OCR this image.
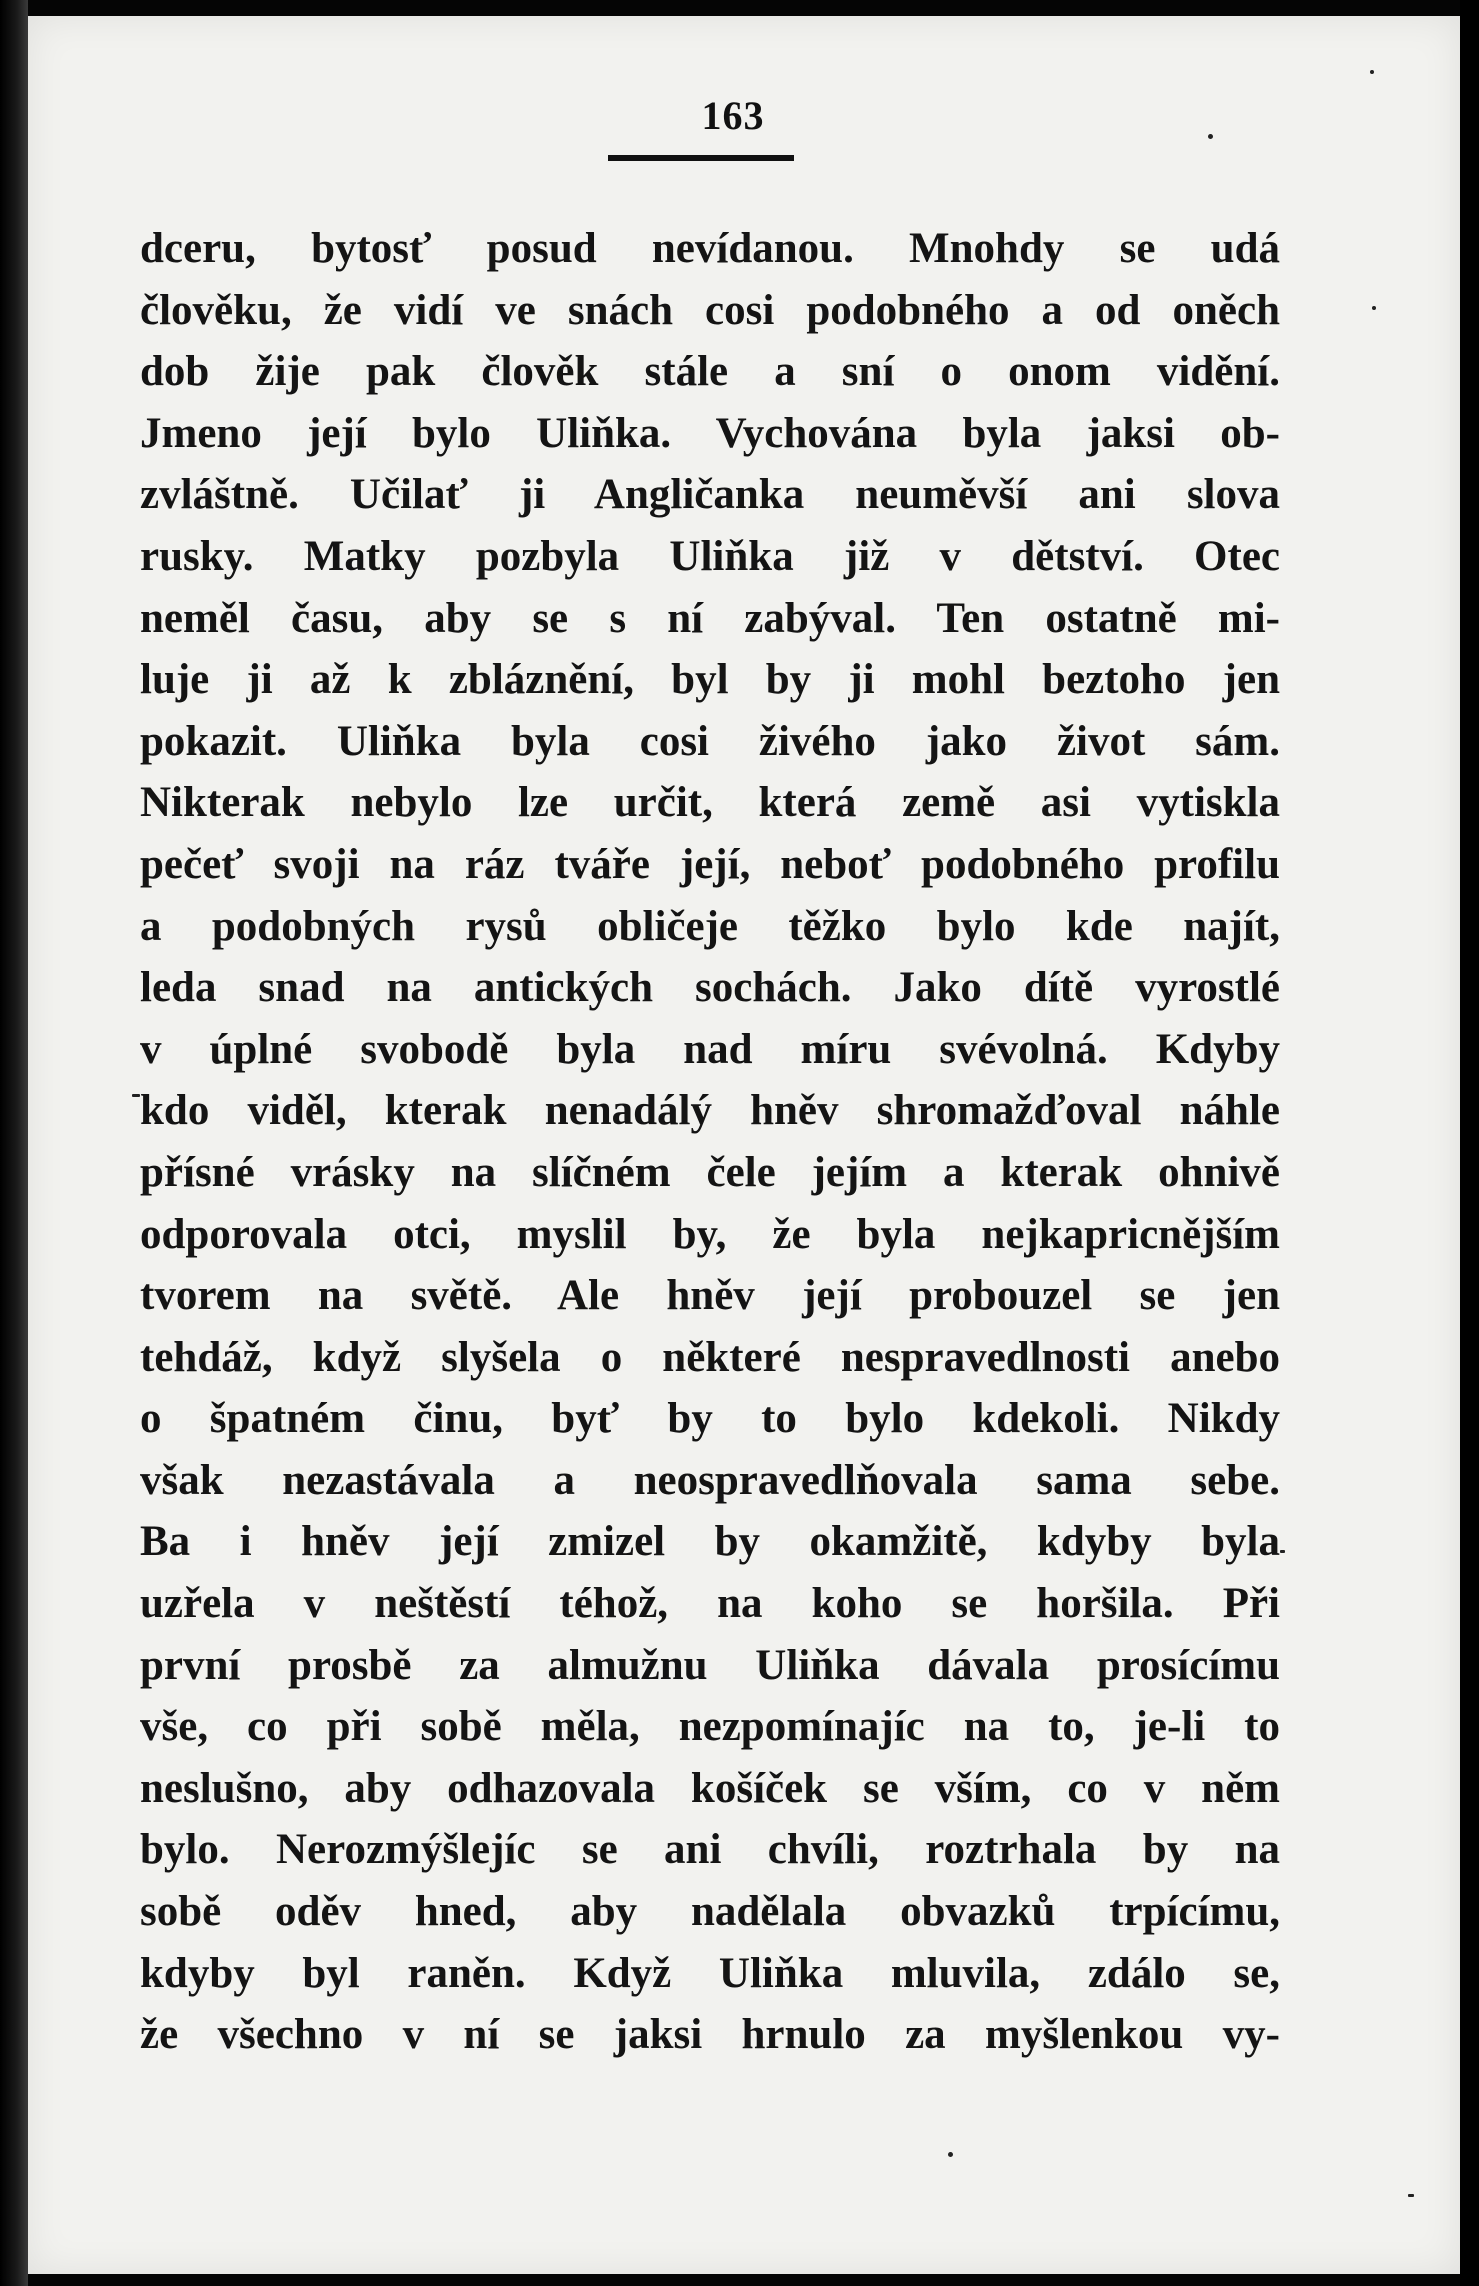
163
dceru, bytosť posud nevídanou. Mnohdy se udá
člověku, že vidí ve snách cosi podobného a od oněch
dob žije pak člověk stále a sní o onom vidění.
Jmeno její bylo Uliňka. Vychována byla jaksi ob-
zvláštně. Učilať ji Angličanka neuměvší ani slova
rusky. Matky pozbyla Uliňka již v dětství. Otec
neměl času, aby se s ní zabýval. Ten ostatně mi-
luje ji až k zbláznění, byl by ji mohl beztoho jen
pokazit. Uliňka byla cosi živého jako život sám.
Nikterak nebylo lze určit, která země asi vytiskla
pečeť svoji na ráz tváře její, neboť podobného profilu
a podobných rysů obličeje těžko bylo kde najít,
leda snad na antických sochách. Jako dítě vyrostlé
v úplné svobodě byla nad míru svévolná. Kdyby
kdo viděl, kterak nenadálý hněv shromažďoval náhle
přísné vrásky na slíčném čele jejím a kterak ohnivě
odporovala otci, myslil by, že byla nejkapricnějším
tvorem na světě. Ale hněv její probouzel se jen
tehdáž, když slyšela o některé nespravedlnosti anebo
o špatném činu, byť by to bylo kdekoli. Nikdy
však nezastávala a neospravedlňovala sama sebe.
Ba i hněv její zmizel by okamžitě, kdyby byla
uzřela v neštěstí téhož, na koho se horšila. Při
první prosbě za almužnu Uliňka dávala prosícímu
vše, co při sobě měla, nezpomínajíc na to, je-li to
neslušno, aby odhazovala košíček se vším, co v něm
bylo. Nerozmýšlejíc se ani chvíli, roztrhala by na
sobě oděv hned, aby nadělala obvazků trpícímu,
kdyby byl raněn. Když Uliňka mluvila, zdálo se,
že všechno v ní se jaksi hrnulo za myšlenkou vy-
